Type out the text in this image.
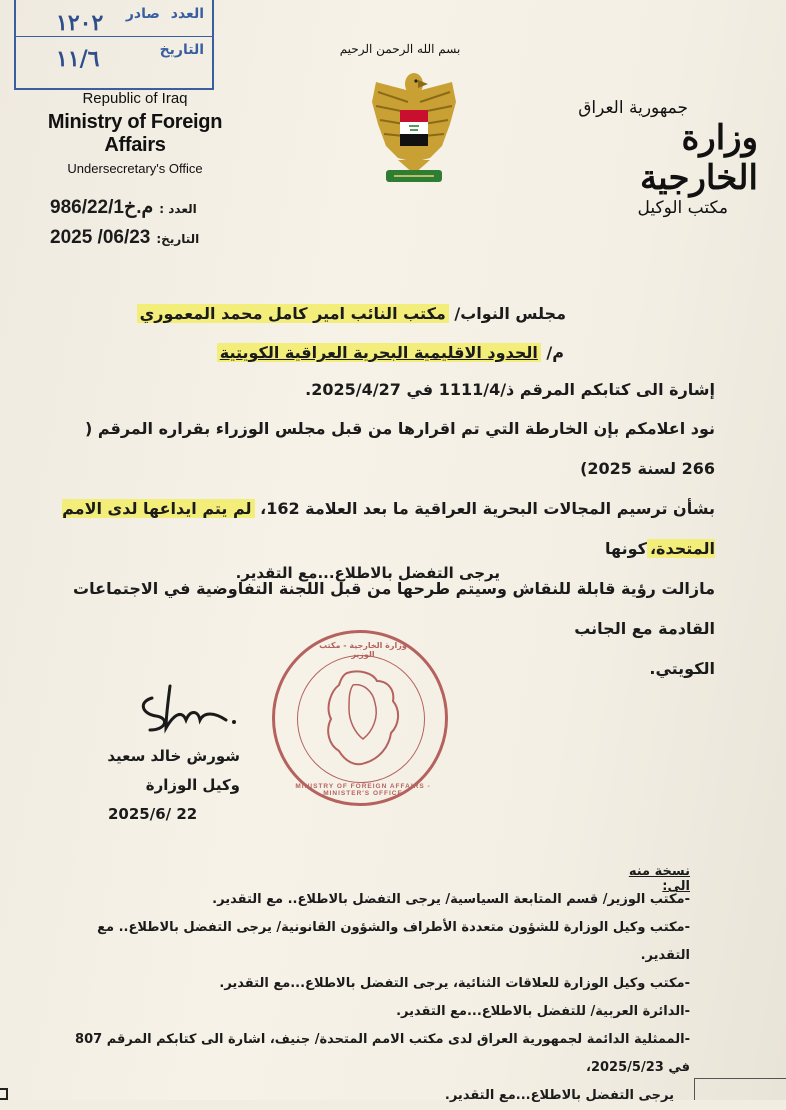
العدد صادر
التاريخ
١٢٠٢
١١/٦
Republic of Iraq
Ministry of Foreign Affairs
Undersecretary's Office
بسم الله الرحمن الرحيم
جمهورية العراق
وزارة الخارجية
مكتب الوكيل
986/22/1م.خ العدد :
2025 /06/23 التاريخ:
مجلس النواب/ مكتب النائب امير كامل محمد المعموري
م/ الحدود الاقليمية البحرية العراقية الكويتية
إشارة الى كتابكم المرقم ذ/1111/4 في 2025/4/27.
نود اعلامكم بإن الخارطة التي تم اقرارها من قبل مجلس الوزراء بقراره المرقم ( 266 لسنة 2025)
بشأن ترسيم المجالات البحرية العراقية ما بعد العلامة 162، لم يتم ايداعها لدى الامم المتحدة،كونها
مازالت رؤية قابلة للنقاش وسيتم طرحها من قبل اللجنة التفاوضية في الاجتماعات القادمة مع الجانب
الكويتي.
يرجى التفضل بالاطلاع...مع التقدير.
شورش خالد سعيد
وكيل الوزارة
2025/6/ 22
وزارة الخارجية - مكتب الوزير
MINISTRY OF FOREIGN AFFAIRS - MINISTER'S OFFICE
نسخة منه الى:
-مكتب الوزير/ قسم المتابعة السياسية/ يرجى التفضل بالاطلاع.. مع التقدير.
-مكتب وكيل الوزارة للشؤون متعددة الأطراف والشؤون القانونية/ يرجى التفضل بالاطلاع.. مع التقدير.
-مكتب وكيل الوزارة للعلاقات الثنائية، يرجى التفضل بالاطلاع...مع التقدير.
-الدائرة العربية/ للتفضل بالاطلاع...مع التقدير.
-الممثلية الدائمة لجمهورية العراق لدى مكتب الامم المتحدة/ جنيف، اشارة الى كتابكم المرقم 807 في 2025/5/23،
يرجى التفضل بالاطلاع...مع التقدير.
